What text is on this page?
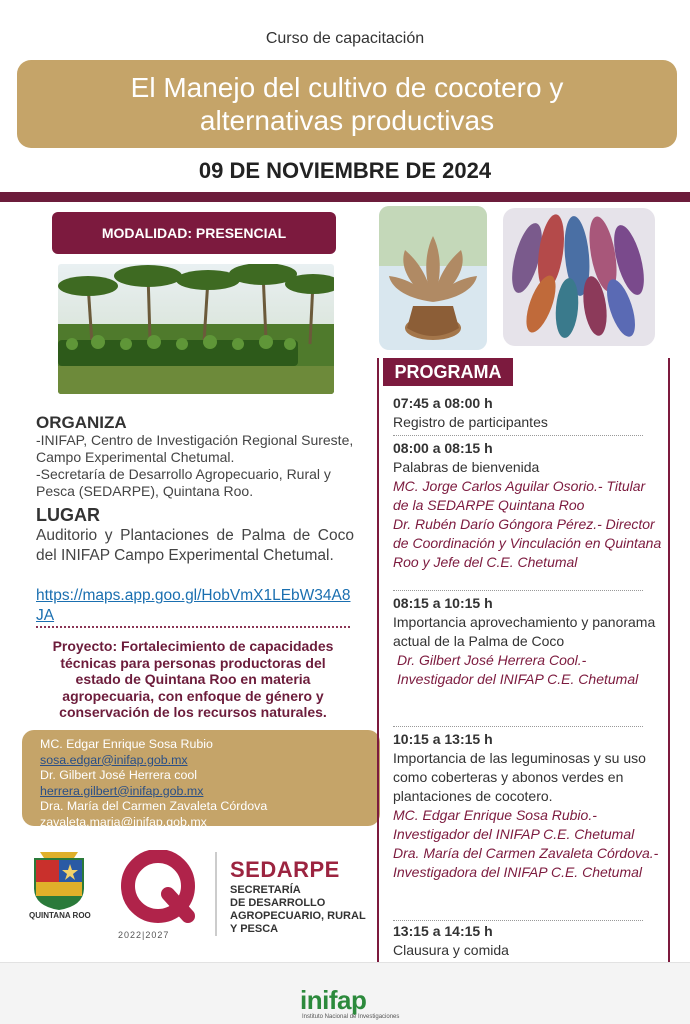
Curso de capacitación
El Manejo del cultivo de cocotero y alternativas productivas
09 DE NOVIEMBRE DE 2024
MODALIDAD: PRESENCIAL
ORGANIZA
-INIFAP, Centro de Investigación Regional Sureste, Campo Experimental Chetumal.
-Secretaría de Desarrollo Agropecuario, Rural y Pesca (SEDARPE), Quintana Roo.
LUGAR
Auditorio y Plantaciones de Palma de Coco del INIFAP Campo Experimental Chetumal.
https://maps.app.goo.gl/HobVmX1LEbW34A8JA
Proyecto: Fortalecimiento de capacidades técnicas para personas productoras del estado de Quintana Roo en materia agropecuaria, con enfoque de género y conservación de los recursos naturales.
MC. Edgar Enrique Sosa Rubio
sosa.edgar@inifap.gob.mx
Dr. Gilbert José Herrera cool
herrera.gilbert@inifap.gob.mx
Dra. María del Carmen Zavaleta Córdova
zavaleta.maria@inifap.gob.mx
PROGRAMA
07:45 a 08:00 h
Registro de participantes
08:00 a 08:15 h
Palabras de bienvenida
MC. Jorge Carlos Aguilar Osorio.- Titular de la SEDARPE Quintana Roo
Dr. Rubén Darío Góngora Pérez.- Director de Coordinación y Vinculación en Quintana Roo y Jefe del C.E. Chetumal
08:15 a 10:15 h
Importancia aprovechamiento y panorama actual de la Palma de Coco
Dr. Gilbert José Herrera Cool.- Investigador del INIFAP C.E. Chetumal
10:15 a 13:15 h
Importancia de las leguminosas y su uso como coberteras y abonos verdes en plantaciones de cocotero.
MC. Edgar Enrique Sosa Rubio.- Investigador del INIFAP C.E. Chetumal
Dra. María del Carmen Zavaleta Córdova.- Investigadora del INIFAP C.E. Chetumal
13:15 a 14:15 h
Clausura y comida
QUINTANA ROO
2022|2027
SEDARPE
SECRETARÍA
DE DESARROLLO
AGROPECUARIO, RURAL
Y PESCA
inifap
Instituto Nacional de Investigaciones
